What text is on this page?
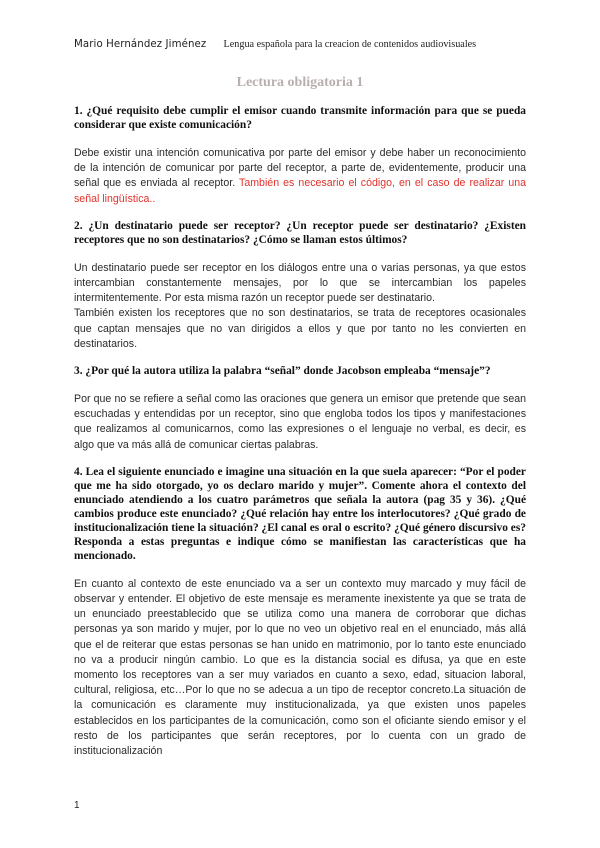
Mario Hernández Jiménez Lengua española para la creacion de contenidos audiovisuales
Lectura obligatoria 1
1. ¿Qué requisito debe cumplir el emisor cuando transmite información para que se pueda considerar que existe comunicación?

Debe existir una intención comunicativa por parte del emisor y debe haber un reconocimiento de la intención de comunicar por parte del receptor, a parte de, evidentemente, producir una señal que es enviada al receptor. También es necesario el código, en el caso de realizar una señal lingüística..

2. ¿Un destinatario puede ser receptor? ¿Un receptor puede ser destinatario? ¿Existen receptores que no son destinatarios? ¿Cómo se llaman estos últimos?

Un destinatario puede ser receptor en los diálogos entre una o varias personas, ya que estos intercambian constantemente mensajes, por lo que se intercambian los papeles intermitentemente. Por esta misma razón un receptor puede ser destinatario.

También existen los receptores que no son destinatarios, se trata de receptores ocasionales que captan mensajes que no van dirigidos a ellos y que por tanto no les convierten en destinatarios.

3. ¿Por qué la autora utiliza la palabra “señal” donde Jacobson empleaba “mensaje”?

Por que no se refiere a señal como las oraciones que genera un emisor que pretende que sean escuchadas y entendidas por un receptor, sino que engloba todos los tipos y manifestaciones que realizamos al comunicarnos, como las expresiones o el lenguaje no verbal, es decir, es algo que va más allá de comunicar ciertas palabras.

4. Lea el siguiente enunciado e imagine una situación en la que suela aparecer: “Por el poder que me ha sido otorgado, yo os declaro marido y mujer”. Comente ahora el contexto del enunciado atendiendo a los cuatro parámetros que señala la autora (pag 35 y 36). ¿Qué cambios produce este enunciado? ¿Qué relación hay entre los interlocutores? ¿Qué grado de institucionalización tiene la situación? ¿El canal es oral o escrito? ¿Qué género discursivo es? Responda a estas preguntas e indique cómo se manifiestan las características que ha mencionado.

En cuanto al contexto de este enunciado va a ser un contexto muy marcado y muy fácil de observar y entender. El objetivo de este mensaje es meramente inexistente ya que se trata de un enunciado preestablecido que se utiliza como una manera de corroborar que dichas personas ya son marido y mujer, por lo que no veo un objetivo real en el enunciado, más allá que el de reiterar que estas personas se han unido en matrimonio, por lo tanto este enunciado no va a producir ningún cambio. Lo que es la distancia social es difusa, ya que en este momento los receptores van a ser muy variados en cuanto a sexo, edad, situacion laboral, cultural, religiosa, etc…Por lo que no se adecua a un tipo de receptor concreto.La situación de la comunicación es claramente muy institucionalizada, ya que existen unos papeles establecidos en los participantes de la comunicación, como son el oficiante siendo emisor y el resto de los participantes que serán receptores, por lo cuenta con un grado de institucionalización

1
